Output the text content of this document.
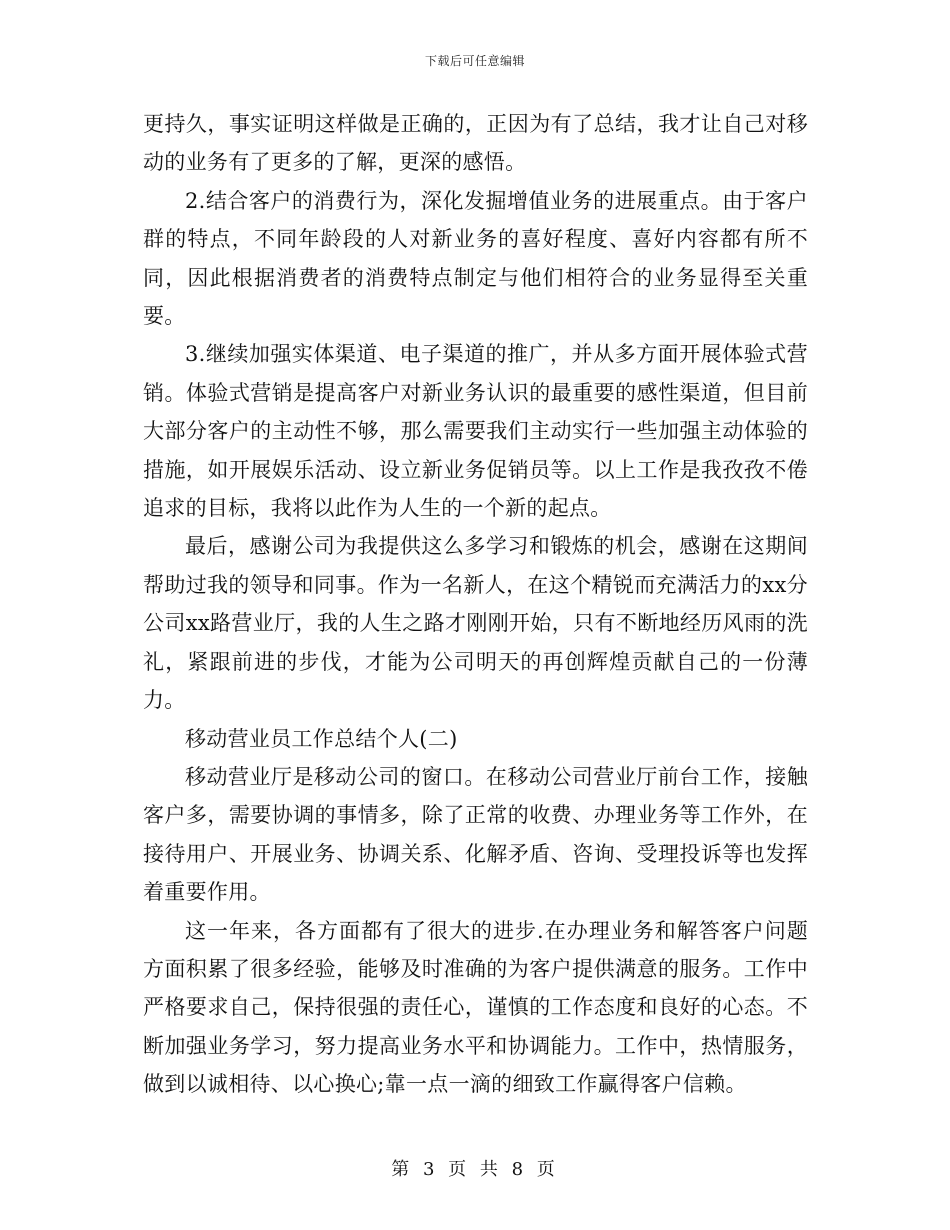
下载后可任意编辑

更持久，事实证明这样做是正确的，正因为有了总结，我才让自己对移动的业务有了更多的了解，更深的感悟。

2.结合客户的消费行为，深化发掘增值业务的进展重点。由于客户群的特点，不同年龄段的人对新业务的喜好程度、喜好内容都有所不同，因此根据消费者的消费特点制定与他们相符合的业务显得至关重要。

3.继续加强实体渠道、电子渠道的推广，并从多方面开展体验式营销。体验式营销是提高客户对新业务认识的最重要的感性渠道，但目前大部分客户的主动性不够，那么需要我们主动实行一些加强主动体验的措施，如开展娱乐活动、设立新业务促销员等。以上工作是我孜孜不倦追求的目标，我将以此作为人生的一个新的起点。

最后，感谢公司为我提供这么多学习和锻炼的机会，感谢在这期间帮助过我的领导和同事。作为一名新人，在这个精锐而充满活力的xx分公司xx路营业厅，我的人生之路才刚刚开始，只有不断地经历风雨的洗礼，紧跟前进的步伐，才能为公司明天的再创辉煌贡献自己的一份薄力。

移动营业员工作总结个人(二)

移动营业厅是移动公司的窗口。在移动公司营业厅前台工作，接触客户多，需要协调的事情多，除了正常的收费、办理业务等工作外，在接待用户、开展业务、协调关系、化解矛盾、咨询、受理投诉等也发挥着重要作用。

这一年来，各方面都有了很大的进步.在办理业务和解答客户问题方面积累了很多经验，能够及时准确的为客户提供满意的服务。工作中严格要求自己，保持很强的责任心，谨慎的工作态度和良好的心态。不断加强业务学习，努力提高业务水平和协调能力。工作中，热情服务，做到以诚相待、以心换心;靠一点一滴的细致工作赢得客户信赖。

第 3 页 共 8 页
